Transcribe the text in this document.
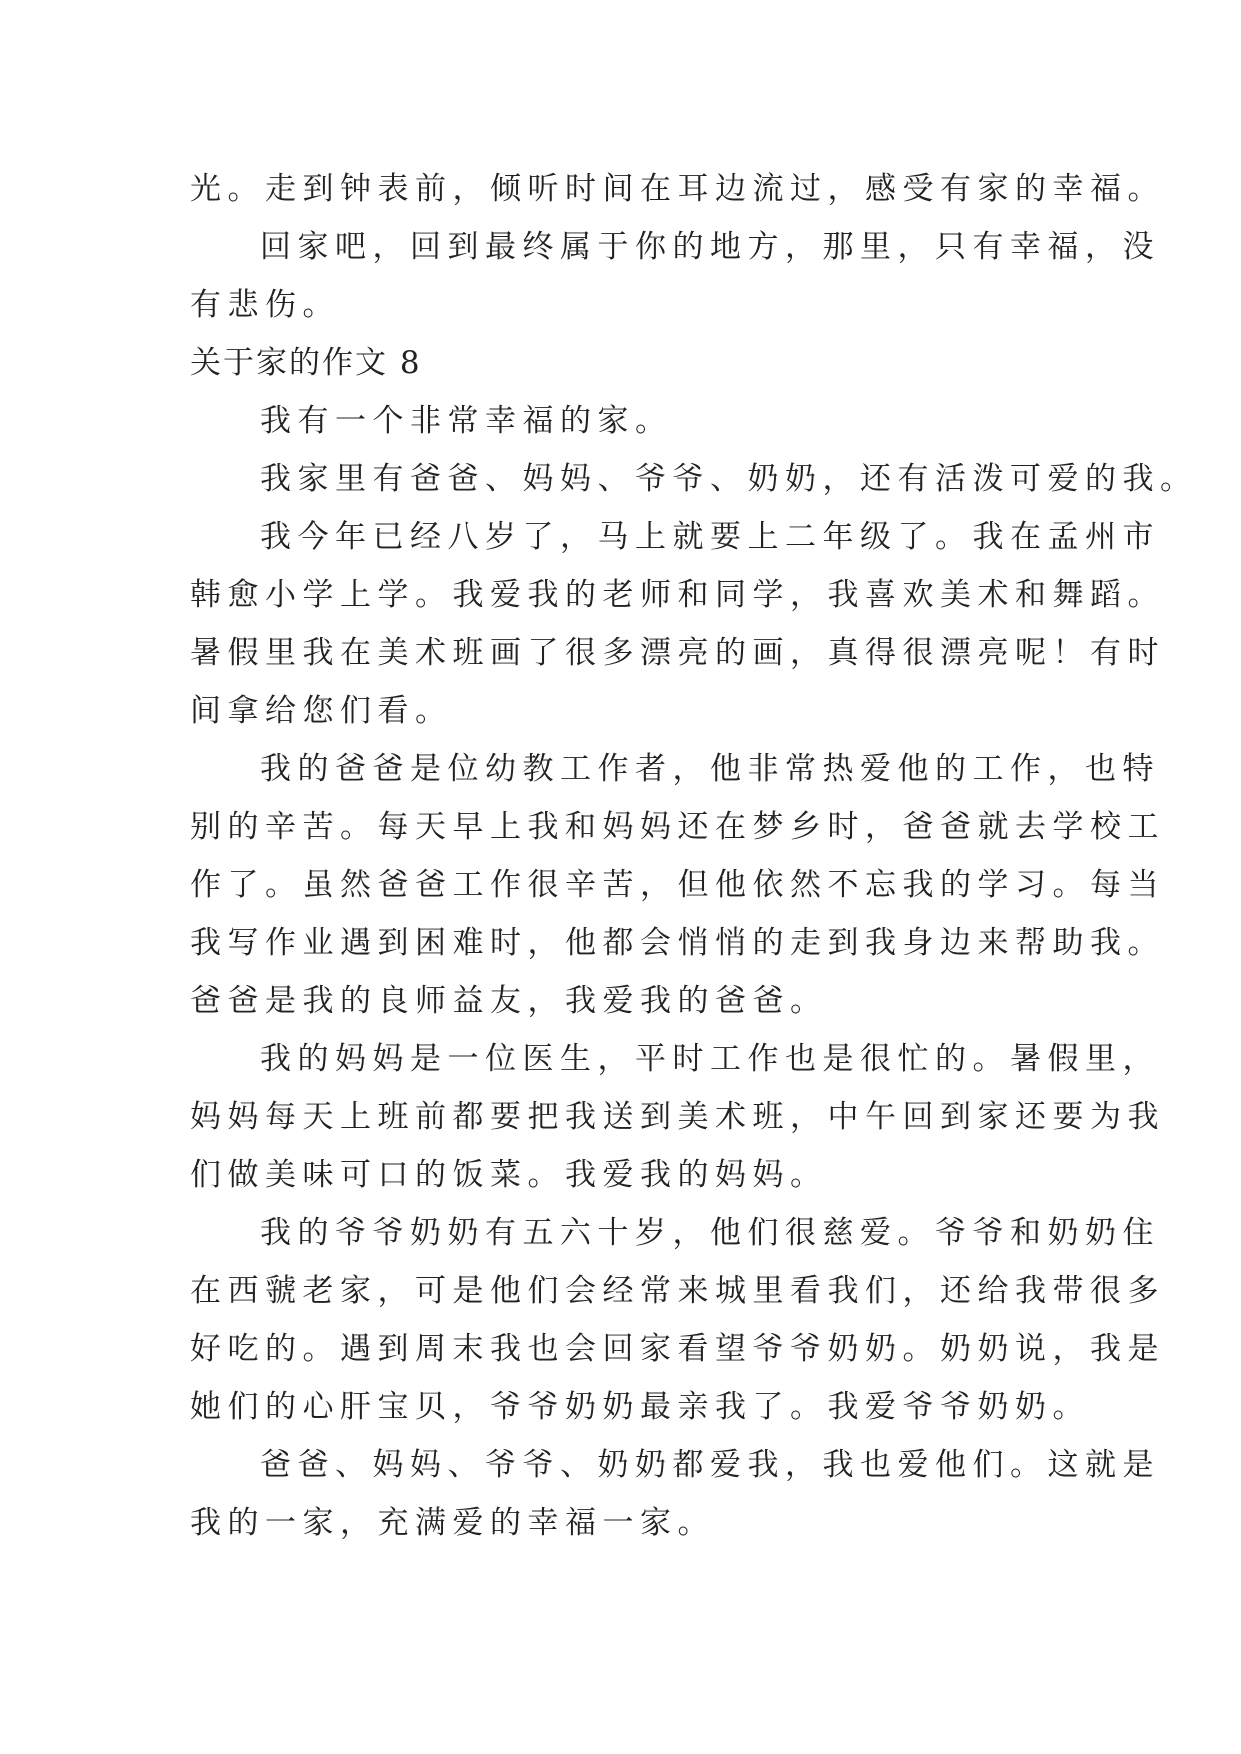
光。走到钟表前，倾听时间在耳边流过，感受有家的幸福。
回家吧，回到最终属于你的地方，那里，只有幸福，没
有悲伤。
关于家的作文 8
我有一个非常幸福的家。
我家里有爸爸、妈妈、爷爷、奶奶，还有活泼可爱的我。
我今年已经八岁了，马上就要上二年级了。我在孟州市
韩愈小学上学。我爱我的老师和同学，我喜欢美术和舞蹈。
暑假里我在美术班画了很多漂亮的画，真得很漂亮呢！有时
间拿给您们看。
我的爸爸是位幼教工作者，他非常热爱他的工作，也特
别的辛苦。每天早上我和妈妈还在梦乡时，爸爸就去学校工
作了。虽然爸爸工作很辛苦，但他依然不忘我的学习。每当
我写作业遇到困难时，他都会悄悄的走到我身边来帮助我。
爸爸是我的良师益友，我爱我的爸爸。
我的妈妈是一位医生，平时工作也是很忙的。暑假里，
妈妈每天上班前都要把我送到美术班，中午回到家还要为我
们做美味可口的饭菜。我爱我的妈妈。
我的爷爷奶奶有五六十岁，他们很慈爱。爷爷和奶奶住
在西虢老家，可是他们会经常来城里看我们，还给我带很多
好吃的。遇到周末我也会回家看望爷爷奶奶。奶奶说，我是
她们的心肝宝贝，爷爷奶奶最亲我了。我爱爷爷奶奶。
爸爸、妈妈、爷爷、奶奶都爱我，我也爱他们。这就是
我的一家，充满爱的幸福一家。
